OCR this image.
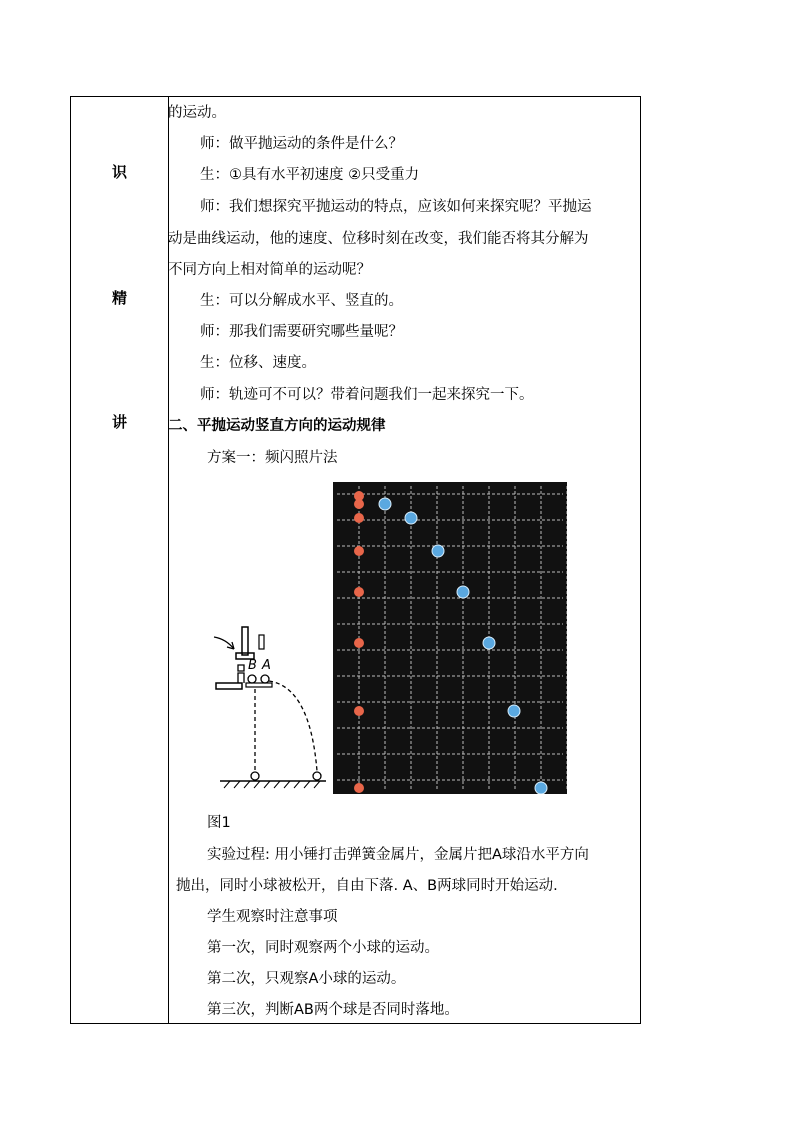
识
精
讲
的运动。
师：做平抛运动的条件是什么？
生：①具有水平初速度 ②只受重力
师：我们想探究平抛运动的特点，应该如何来探究呢？平抛运
动是曲线运动，他的速度、位移时刻在改变，我们能否将其分解为
不同方向上相对简单的运动呢？
生：可以分解成水平、竖直的。
师：那我们需要研究哪些量呢？
生：位移、速度。
师：轨迹可不可以？带着问题我们一起来探究一下。
二、平抛运动竖直方向的运动规律
方案一：频闪照片法
B A
图1
实验过程: 用小锤打击弹簧金属片，金属片把A球沿水平方向
抛出，同时小球被松开，自由下落. A、B两球同时开始运动.
学生观察时注意事项
第一次，同时观察两个小球的运动。
第二次，只观察A小球的运动。
第三次，判断AB两个球是否同时落地。
